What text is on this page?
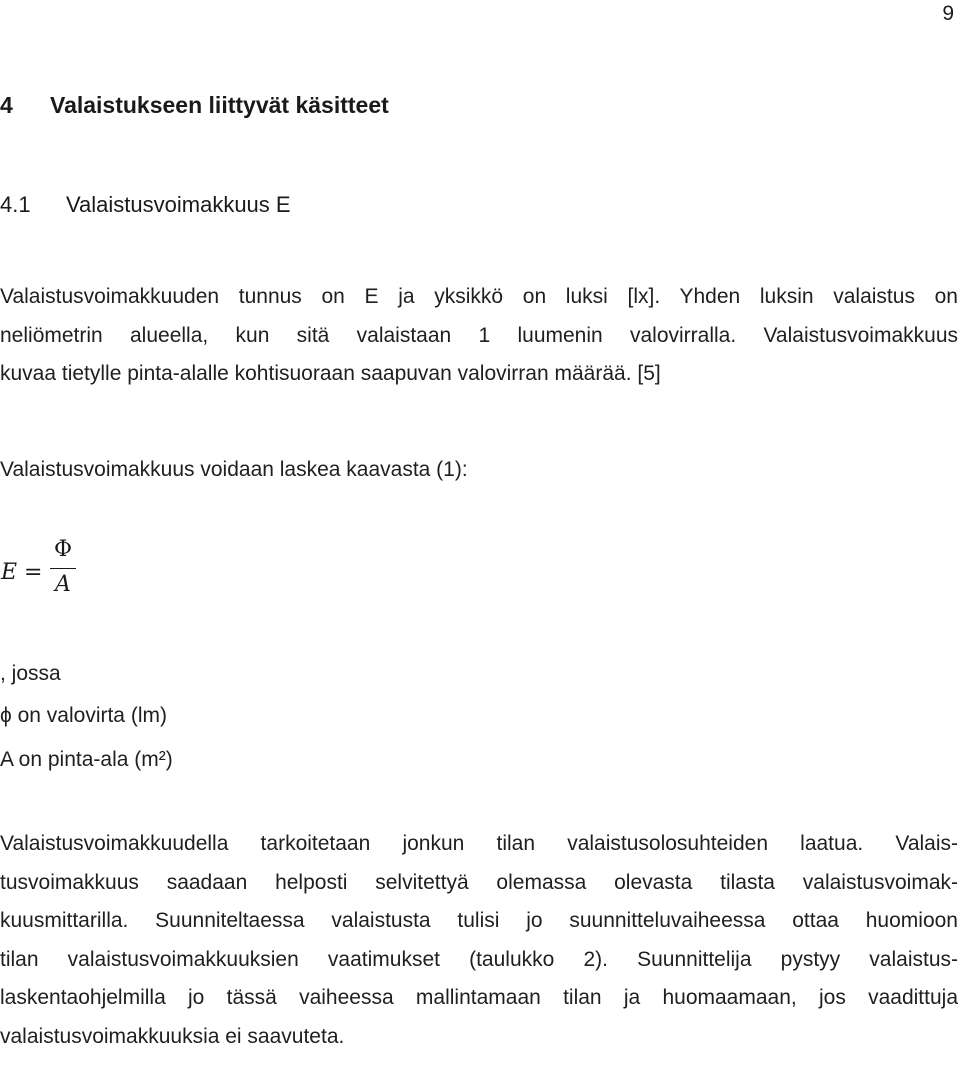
9
4 Valaistukseen liittyvät käsitteet
4.1 Valaistusvoimakkuus E
Valaistusvoimakkuuden tunnus on E ja yksikkö on luksi [lx]. Yhden luksin valaistus on
neliömetrin alueella, kun sitä valaistaan 1 luumenin valovirralla. Valaistusvoimakkuus
kuvaa tietylle pinta-alalle kohtisuoraan saapuvan valovirran määrää. [5]
Valaistusvoimakkuus voidaan laskea kaavasta (1):
E =
Φ
A
, jossa
ϕ on valovirta (lm)
A on pinta-ala (m²)
Valaistusvoimakkuudella tarkoitetaan jonkun tilan valaistusolosuhteiden laatua. Valais-
tusvoimakkuus saadaan helposti selvitettyä olemassa olevasta tilasta valaistusvoimak-
kuusmittarilla. Suunniteltaessa valaistusta tulisi jo suunnitteluvaiheessa ottaa huomioon
tilan valaistusvoimakkuuksien vaatimukset (taulukko 2). Suunnittelija pystyy valaistus-
laskentaohjelmilla jo tässä vaiheessa mallintamaan tilan ja huomaamaan, jos vaadittuja
valaistusvoimakkuuksia ei saavuteta.
